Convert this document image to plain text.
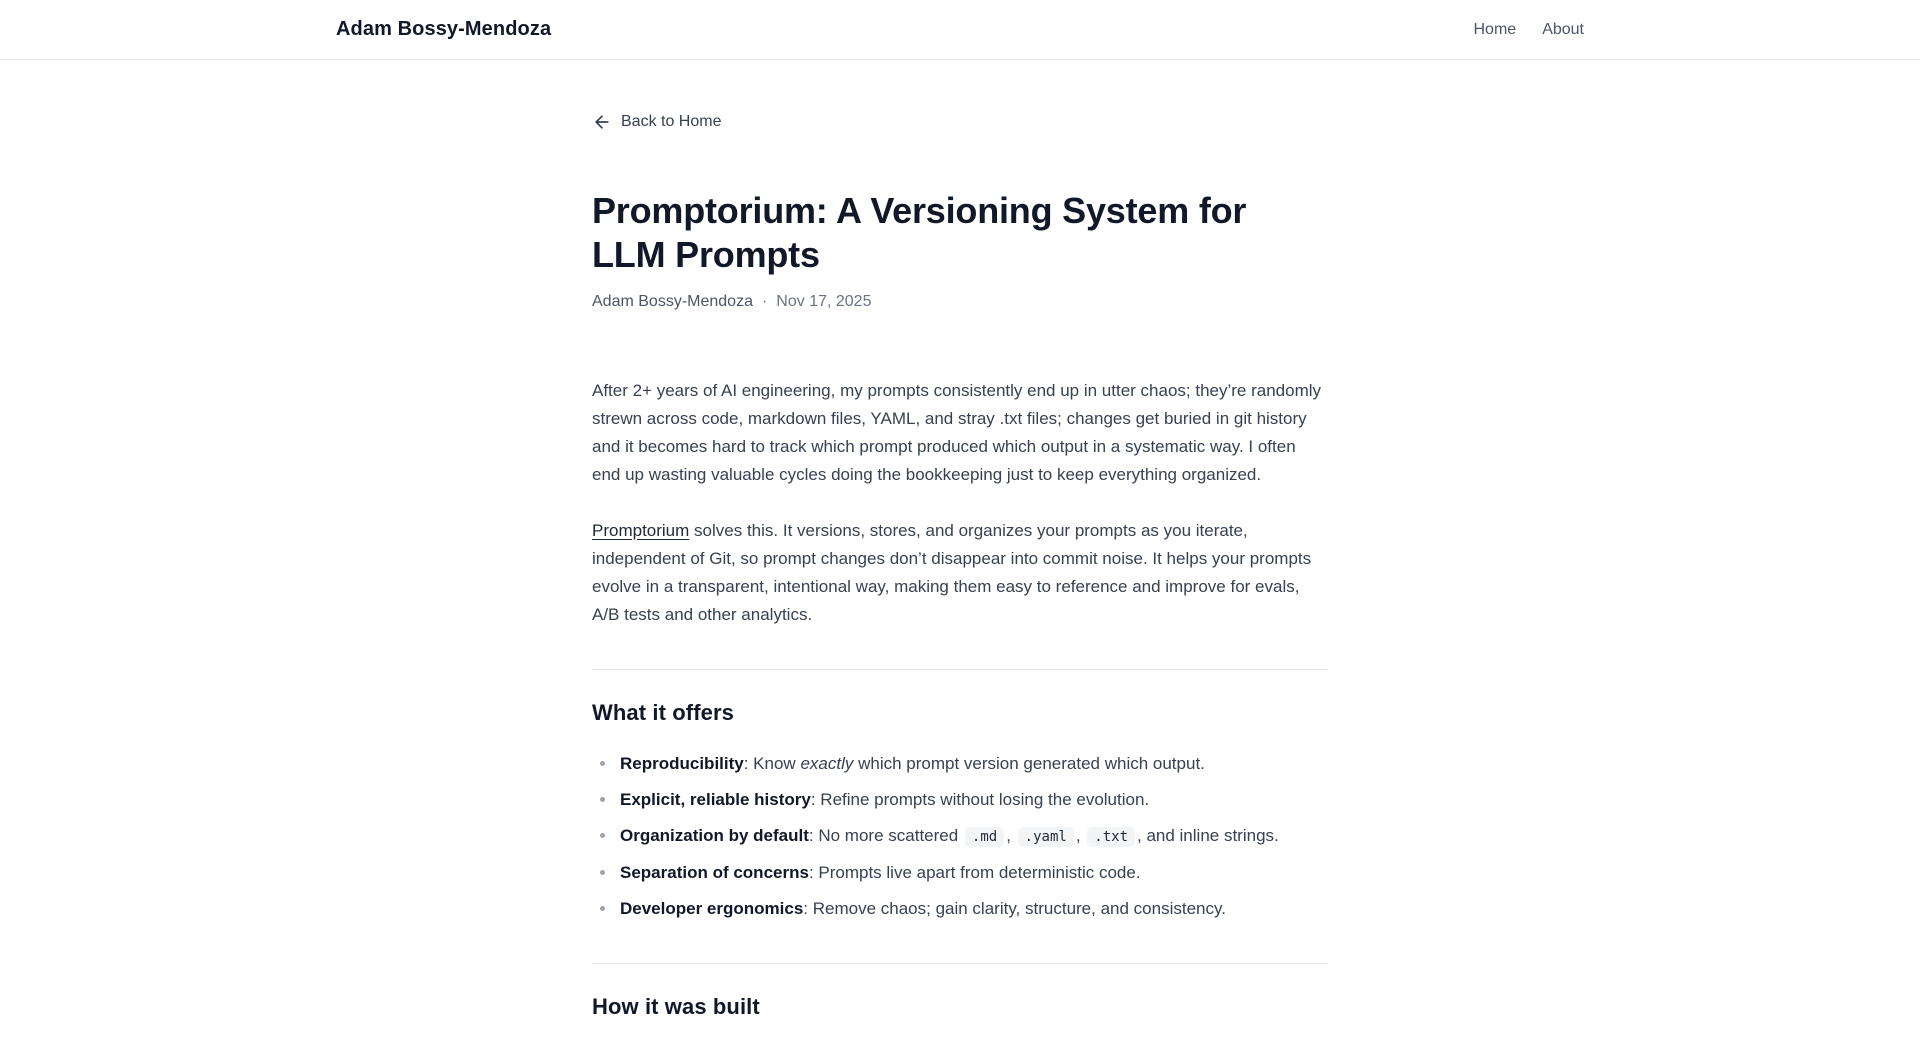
Adam Bossy-Mendoza	Home About
Back to Home
Promptorium: A Versioning System for LLM Prompts
Adam Bossy-Mendoza · Nov 17, 2025

After 2+ years of AI engineering, my prompts consistently end up in utter chaos; they’re randomly strewn across code, markdown files, YAML, and stray .txt files; changes get buried in git history and it becomes hard to track which prompt produced which output in a systematic way. I often end up wasting valuable cycles doing the bookkeeping just to keep everything organized.

Promptorium solves this. It versions, stores, and organizes your prompts as you iterate, independent of Git, so prompt changes don’t disappear into commit noise. It helps your prompts evolve in a transparent, intentional way, making them easy to reference and improve for evals, A/B tests and other analytics.

What it offers
Reproducibility: Know exactly which prompt version generated which output.
Explicit, reliable history: Refine prompts without losing the evolution.
Organization by default: No more scattered .md , .yaml , .txt , and inline strings.
Separation of concerns: Prompts live apart from deterministic code.
Developer ergonomics: Remove chaos; gain clarity, structure, and consistency.
How it was built
